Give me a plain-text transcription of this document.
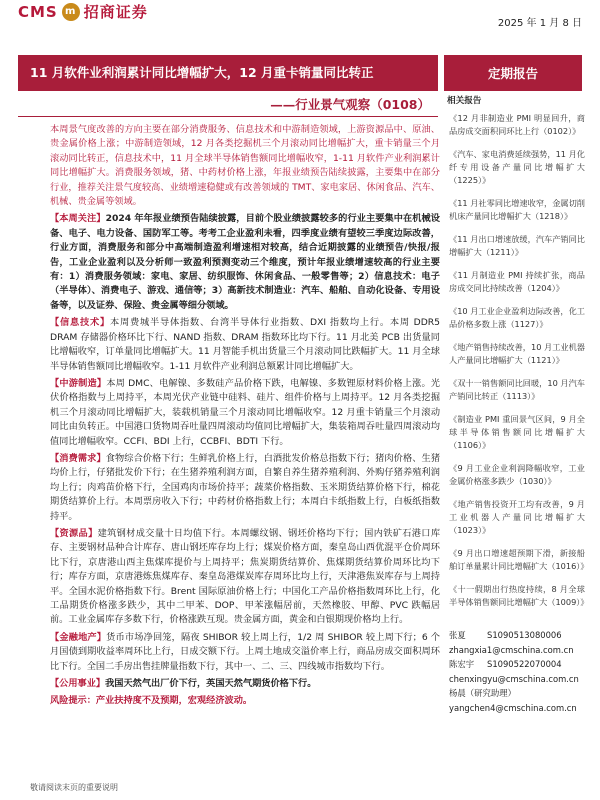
CMS m 招商证券
2025 年 1 月 8 日
11 月软件业利润累计同比增幅扩大，12 月重卡销量同比转正
——行业景气观察（0108）
定期报告

本周景气度改善的方向主要在部分消费服务、信息技术和中游制造领域，上游资源品中、原油、贵金属价格上涨；中游制造领域，12 月各类挖掘机三个月滚动同比增幅扩大，重卡销量三个月滚动同比转正，信息技术中，11 月全球半导体销售额同比增幅收窄，1-11 月软件产业利润累计同比增幅扩大。消费服务领域，猪、中药材价格上涨，年报业绩预告陆续披露，主要集中在部分行业，推荐关注景气度较高、业绩增速稳健或有改善领域的 TMT、家电家居、休闲食品、汽车、机械、贵金属等领域。

【本周关注】2024 年年报业绩预告陆续披露，目前个股业绩披露较多的行业主要集中在机械设备、电子、电力设备、国防军工等。考考工企业盈利未看，四季度业绩有望较三季度边际改善，行业方面，消费服务和部分中高端制造盈利增速相对较高，结合近期披露的业绩预告/快报/报告，工业企业盈利以及分析师一致盈利预测变动三个维度，预计年报业绩增速较高的行业主要有：1）消费服务领域：家电、家居、纺织服饰、休闲食品、一般零售等；2）信息技术：电子（半导体）、消费电子、游戏、通信等；3）高新技术制造业：汽车、船舶、自动化设备、专用设备等，以及证券、保险、贵金属等细分领域。

【信息技术】本周费城半导体指数、台湾半导体行业指数、DXI 指数均上行。本周 DDR5 DRAM 存储器价格环比下行、NAND 指数、DRAM 指数环比均下行。11 月北美 PCB 出货量同比增幅收窄，订单量同比增幅扩大。11 月智能手机出货量三个月滚动同比跌幅扩大。11 月全球半导体销售额同比增幅收窄。1-11 月软件产业利润总额累计同比增幅扩大。

【中游制造】本周 DMC、电解镍、多数硅产品价格下跌，电解镍、多数锂原材料价格上涨。光伏价格指数与上周持平，本周光伏产业链中硅料、硅片、组件价格与上周持平。12 月各类挖掘机三个月滚动同比增幅扩大，装载机销量三个月滚动同比增幅收窄。12 月重卡销量三个月滚动同比由负转正。中国港口货物周吞吐量四周滚动均值同比增幅扩大，集装箱周吞吐量四周滚动均值同比增幅收窄。CCFI、BDI 上行，CCBFI、BDTI 下行。

【消费需求】食物综合价格下行；生鲜乳价格上行，白酒批发价格总指数下行；猪肉价格、生猪均价上行，仔猪批发价下行；在生猪养殖利润方面，自繁自养生猪养殖利润、外购仔猪养殖利润均上行；肉鸡苗价格下行，全国鸡肉市场价持平；蔬菜价格指数、玉米期货结算价格下行，棉花期货结算价上行。本周票房收入下行；中药材价格指数上行；本周白卡纸指数上行，白板纸指数持平。

【资源品】建筑钢材成交量十日均值下行。本周螺纹钢、钢坯价格均下行；国内铁矿石港口库存、主要钢材品种合计库存、唐山钢坯库存均上行；煤炭价格方面，秦皇岛山西优混平仓价周环比下行，京唐港山西主焦煤库提价与上周持平；焦炭期货结算价、焦煤期货结算价周环比均下行；库存方面，京唐港炼焦煤库存、秦皇岛港煤炭库存周环比均上行，天津港焦炭库存与上周持平。全国水泥价格指数下行。Brent 国际原油价格上行；中国化工产品价格指数周环比上行，化工品期货价格涨多跌少，其中二甲苯、DOP、甲苯涨幅居前，天然橡胶、甲醇、PVC 跌幅居前。工业金属库存多数下行，价格涨跌互现。贵金属方面，黄金和白银期现价格均上行。

【金融地产】货币市场净回笼，隔夜 SHIBOR 较上周上行，1/2 周 SHIBOR 较上周下行；6 个月国债到期收益率周环比上行，日成交额下行。上周土地成交溢价率上行，商品房成交面积周环比下行。全国二手房出售挂牌量指数下行，其中一、二、三、四线城市指数均下行。

【公用事业】我国天然气出厂价下行，英国天然气期货价格下行。

风险提示：产业扶持度不及预期，宏观经济波动。

相关报告
《12 月非制造业 PMI 明显回升，商品房成交面积同环比上行（0102）》
《汽车、家电消费延续强势，11 月化纤专用设备产量同比增幅扩大（1225）》
《11 月社零同比增速收窄，金属切削机床产量同比增幅扩大（1218）》
《11 月出口增速放缓，汽车产销同比增幅扩大（1211）》
《11 月制造业 PMI 持续扩张，商品房成交同比持续改善（1204）》
《10 月工业企业盈利边际改善，化工品价格多数上涨（1127）》
《地产销售持续改善，10 月工业机器人产量同比增幅扩大（1121）》
《双十一销售额同比回暖，10 月汽车产销同比转正（1113）》
《制造业 PMI 重回景气区间，9 月全球半导体销售额同比增幅扩大（1106）》
《9 月工业企业利润降幅收窄，工业金属价格涨多跌少（1030）》
《地产销售投资开工均有改善，9 月工业机器人产量同比增幅扩大（1023）》
《9 月出口增速超预期下滑，新接船舶订单量累计同比增幅扩大（1016）》
《十一假期出行热度持续，8 月全球半导体销售额同比增幅扩大（1009）》
张夏	S1090513080006
zhangxia1@cmschina.com.cn
陈宏宇	S1090522070004
chenxingyu@cmschina.com.cn
杨晨（研究助理）
yangchen4@cmschina.com.cn
敬请阅读末页的重要说明
